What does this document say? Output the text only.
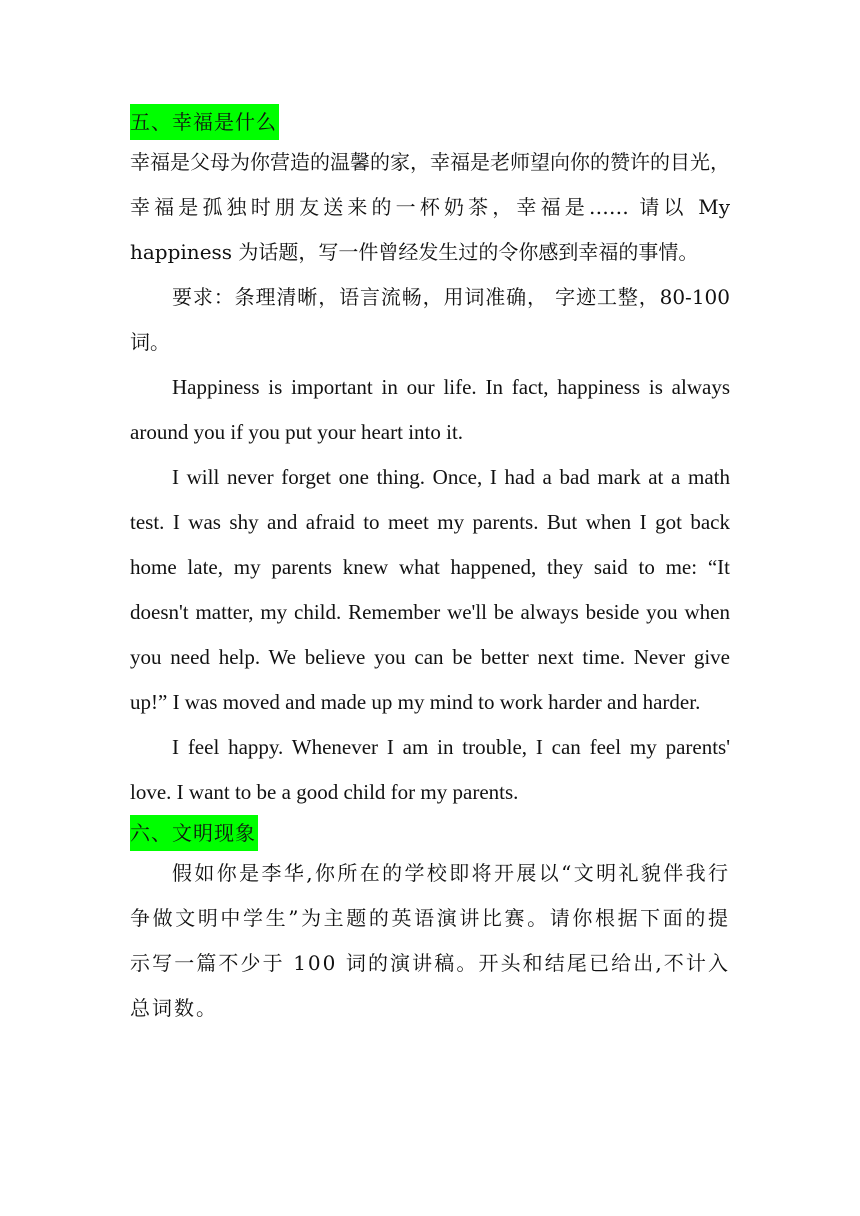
五、幸福是什么

幸福是父母为你营造的温馨的家，幸福是老师望向你的赞许的目光，幸福是孤独时朋友送来的一杯奶茶，幸福是…… 请以 My happiness 为话题，写一件曾经发生过的令你感到幸福的事情。

要求：条理清晰，语言流畅，用词准确， 字迹工整，80-100 词。

Happiness is important in our life. In fact, happiness is always around you if you put your heart into it.

I will never forget one thing. Once, I had a bad mark at a math test. I was shy and afraid to meet my parents. But when I got back home late, my parents knew what happened, they said to me: “It doesn't matter, my child. Remember we'll be always beside you when you need help. We believe you can be better next time. Never give up!” I was moved and made up my mind to work harder and harder.

I feel happy. Whenever I am in trouble, I can feel my parents' love. I want to be a good child for my parents.

六、文明现象

假如你是李华,你所在的学校即将开展以“文明礼貌伴我行　争做文明中学生”为主题的英语演讲比赛。请你根据下面的提示写一篇不少于 100 词的演讲稿。开头和结尾已给出,不计入总词数。
